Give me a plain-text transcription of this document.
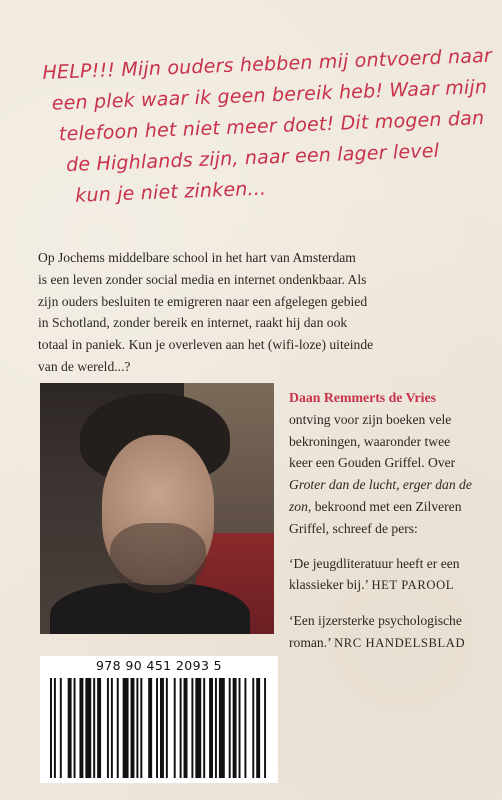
HELP!!! Mijn ouders hebben mij ontvoerd naar
een plek waar ik geen bereik heb! Waar mijn
telefoon het niet meer doet! Dit mogen dan
de Highlands zijn, naar een lager level
kun je niet zinken...
Op Jochems middelbare school in het hart van Amsterdam
is een leven zonder social media en internet ondenkbaar. Als
zijn ouders besluiten te emigreren naar een afgelegen gebied
in Schotland, zonder bereik en internet, raakt hij dan ook
totaal in paniek. Kun je overleven aan het (wifi-loze) uiteinde
van de wereld...?
Daan Remmerts de Vries
ontving voor zijn boeken vele
bekroningen, waaronder twee
keer een Gouden Griffel. Over
Groter dan de lucht, erger dan de
zon, bekroond met een Zilveren
Griffel, schreef de pers:
‘De jeugdliteratuur heeft er een
klassieker bij.’ HET PAROOL
‘Een ijzersterke psychologische
roman.’ NRC HANDELSBLAD
978 90 451 2093 5
